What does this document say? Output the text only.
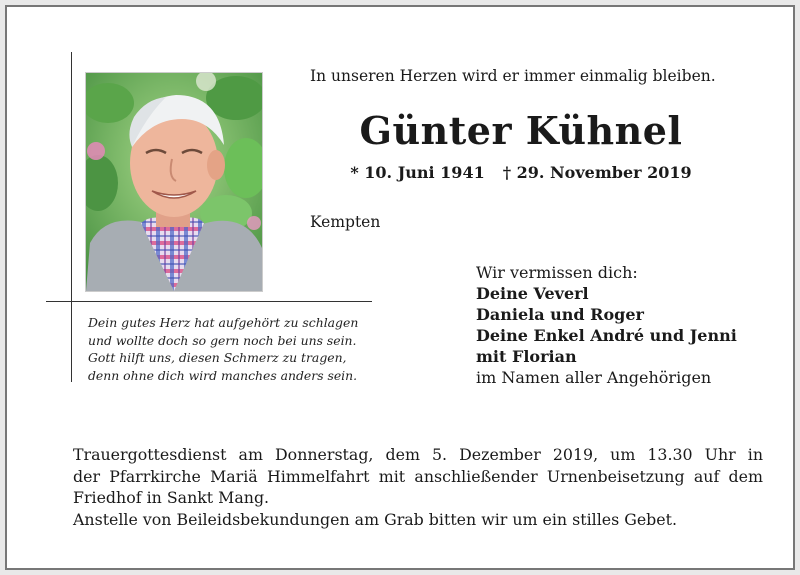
Dein gutes Herz hat aufgehört zu schlagen
und wollte doch so gern noch bei uns sein.
Gott hilft uns, diesen Schmerz zu tragen,
denn ohne dich wird manches anders sein.
In unseren Herzen wird er immer einmalig bleiben.
Günter Kühnel
* 10. Juni 1941 † 29. November 2019
Kempten
Wir vermissen dich:
Deine Veverl
Daniela und Roger
Deine Enkel André und Jenni
mit Florian
im Namen aller Angehörigen
Trauergottesdienst am Donnerstag, dem 5. Dezember 2019, um 13.30 Uhr in
der Pfarrkirche Mariä Himmelfahrt mit anschließender Urnenbeisetzung auf dem
Friedhof in Sankt Mang.
Anstelle von Beileidsbekundungen am Grab bitten wir um ein stilles Gebet.
